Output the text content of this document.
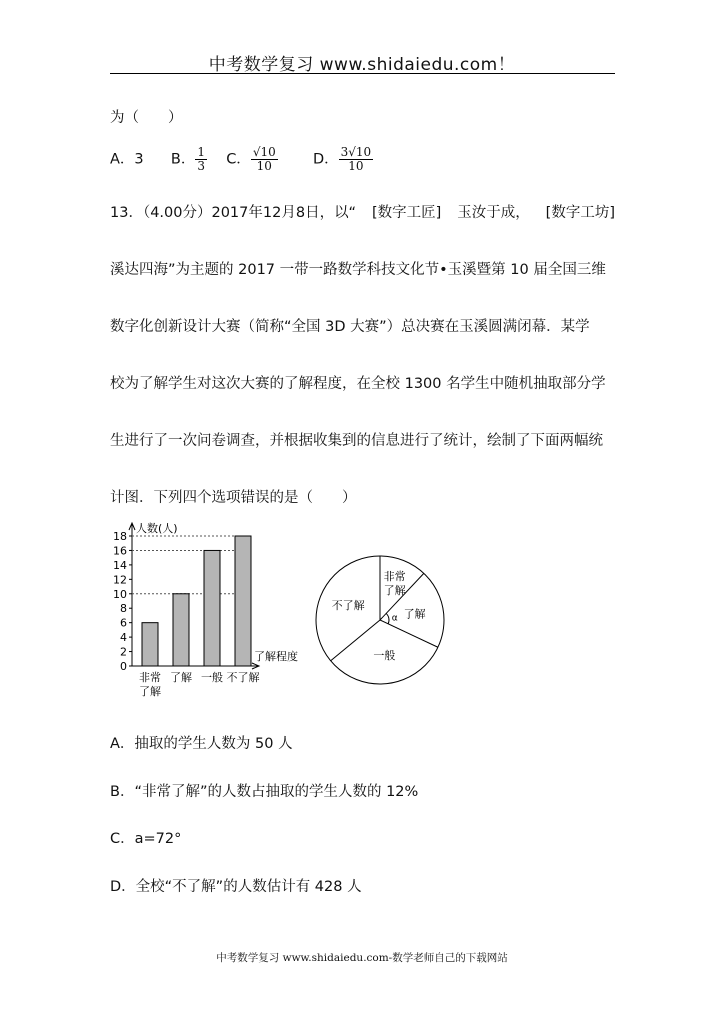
中考数学复习 www.shidaiedu.com！
为（　　）
A．3 B． $\frac{1}{3}$ C． $\frac{√10}{10}$ D． $\frac{3√10}{10}$
13．（4.00分）2017年12月8日，以“ [数字工匠] 玉汝于成， [数字工坊]
溪达四海”为主题的 2017 一带一路数学科技文化节•玉溪暨第 10 届全国三维
数字化创新设计大赛（简称“全国 3D 大赛”）总决赛在玉溪圆满闭幕．某学
校为了解学生对这次大赛的了解程度，在全校 1300 名学生中随机抽取部分学
生进行了一次问卷调查，并根据收集到的信息进行了统计，绘制了下面两幅统
计图．下列四个选项错误的是（　　）
人数(人)
0
2
4
6
8
10
12
14
16
18
了解程度
非常
了解
了解 一般 不了解
非常
了解
了解
一般
不了解
α
A．抽取的学生人数为 50 人
B．“非常了解”的人数占抽取的学生人数的 12%
C．a=72°
D．全校“不了解”的人数估计有 428 人
中考数学复习 www.shidaiedu.com-数学老师自己的下载网站
